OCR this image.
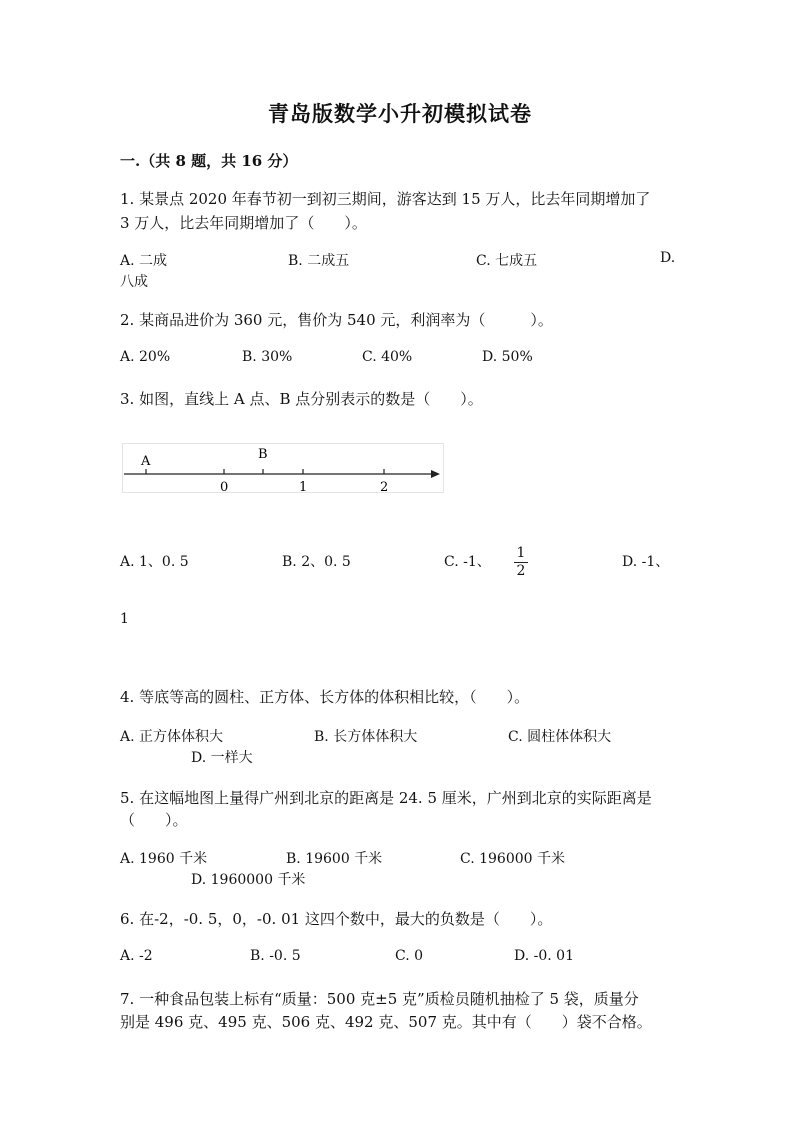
青岛版数学小升初模拟试卷
一.（共 8 题，共 16 分）
1. 某景点 2020 年春节初一到初三期间，游客达到 15 万人，比去年同期增加了
3 万人，比去年同期增加了（　　）。
A. 二成	B. 二成五	C. 七成五	D.
八成
2. 某商品进价为 360 元，售价为 540 元，利润率为（　　　）。
A. 20%	B. 30%	C. 40%	D. 50%
3. 如图，直线上 A 点、B 点分别表示的数是（　　）。
A	B
0	1	2
A. 1、0. 5	B. 2、0. 5	C. -1、
1
2
D. -1、
1
4. 等底等高的圆柱、正方体、长方体的体积相比较，（　　）。
A. 正方体体积大	B. 长方体体积大	C. 圆柱体体积大
D. 一样大
5. 在这幅地图上量得广州到北京的距离是 24. 5 厘米，广州到北京的实际距离是
（　　）。
A. 1960 千米	B. 19600 千米	C. 196000 千米
D. 1960000 千米
6. 在-2，-0. 5，0，-0. 01 这四个数中，最大的负数是（　　）。
A. -2	B. -0. 5	C. 0	D. -0. 01
7. 一种食品包装上标有“质量：500 克±5 克”质检员随机抽检了 5 袋，质量分
别是 496 克、495 克、506 克、492 克、507 克。其中有（　　）袋不合格。
